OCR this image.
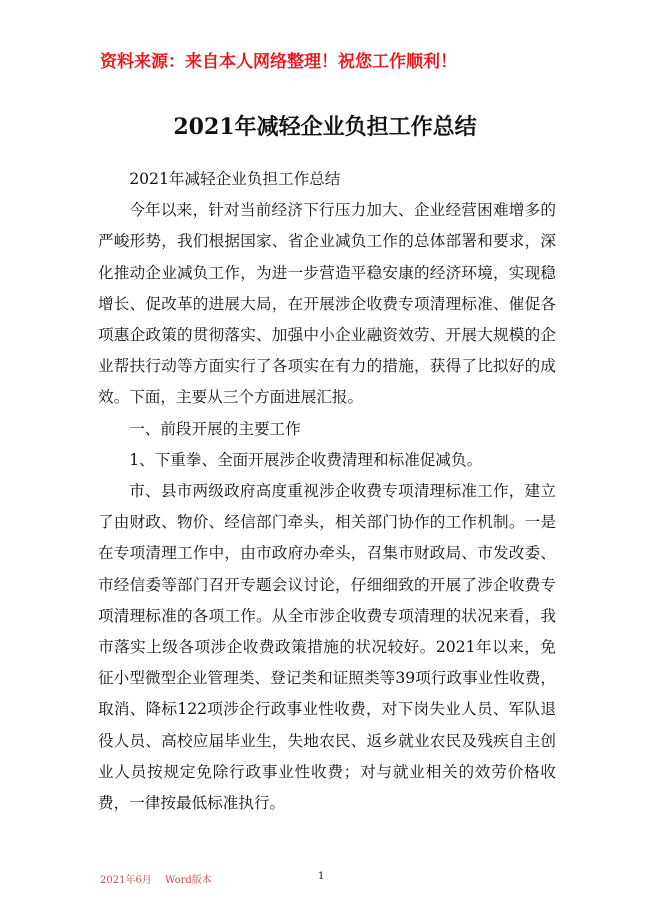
资料来源：来自本人网络整理！祝您工作顺利！
2021年减轻企业负担工作总结

2021年减轻企业负担工作总结

今年以来，针对当前经济下行压力加大、企业经营困难增多的严峻形势，我们根据国家、省企业减负工作的总体部署和要求，深化推动企业减负工作，为进一步营造平稳安康的经济环境，实现稳增长、促改革的进展大局，在开展涉企收费专项清理标准、催促各项惠企政策的贯彻落实、加强中小企业融资效劳、开展大规模的企业帮扶行动等方面实行了各项实在有力的措施，获得了比拟好的成效。下面，主要从三个方面进展汇报。

一、前段开展的主要工作

1、下重拳、全面开展涉企收费清理和标准促减负。

市、县市两级政府高度重视涉企收费专项清理标准工作，建立了由财政、物价、经信部门牵头，相关部门协作的工作机制。一是在专项清理工作中，由市政府办牵头，召集市财政局、市发改委、市经信委等部门召开专题会议讨论，仔细细致的开展了涉企收费专项清理标准的各项工作。从全市涉企收费专项清理的状况来看，我市落实上级各项涉企收费政策措施的状况较好。2021年以来，免征小型微型企业管理类、登记类和证照类等39项行政事业性收费，取消、降标122项涉企行政事业性收费，对下岗失业人员、军队退役人员、高校应届毕业生，失地农民、返乡就业农民及残疾自主创业人员按规定免除行政事业性收费；对与就业相关的效劳价格收费，一律按最低标准执行。

2021年6月 Word版本	1
